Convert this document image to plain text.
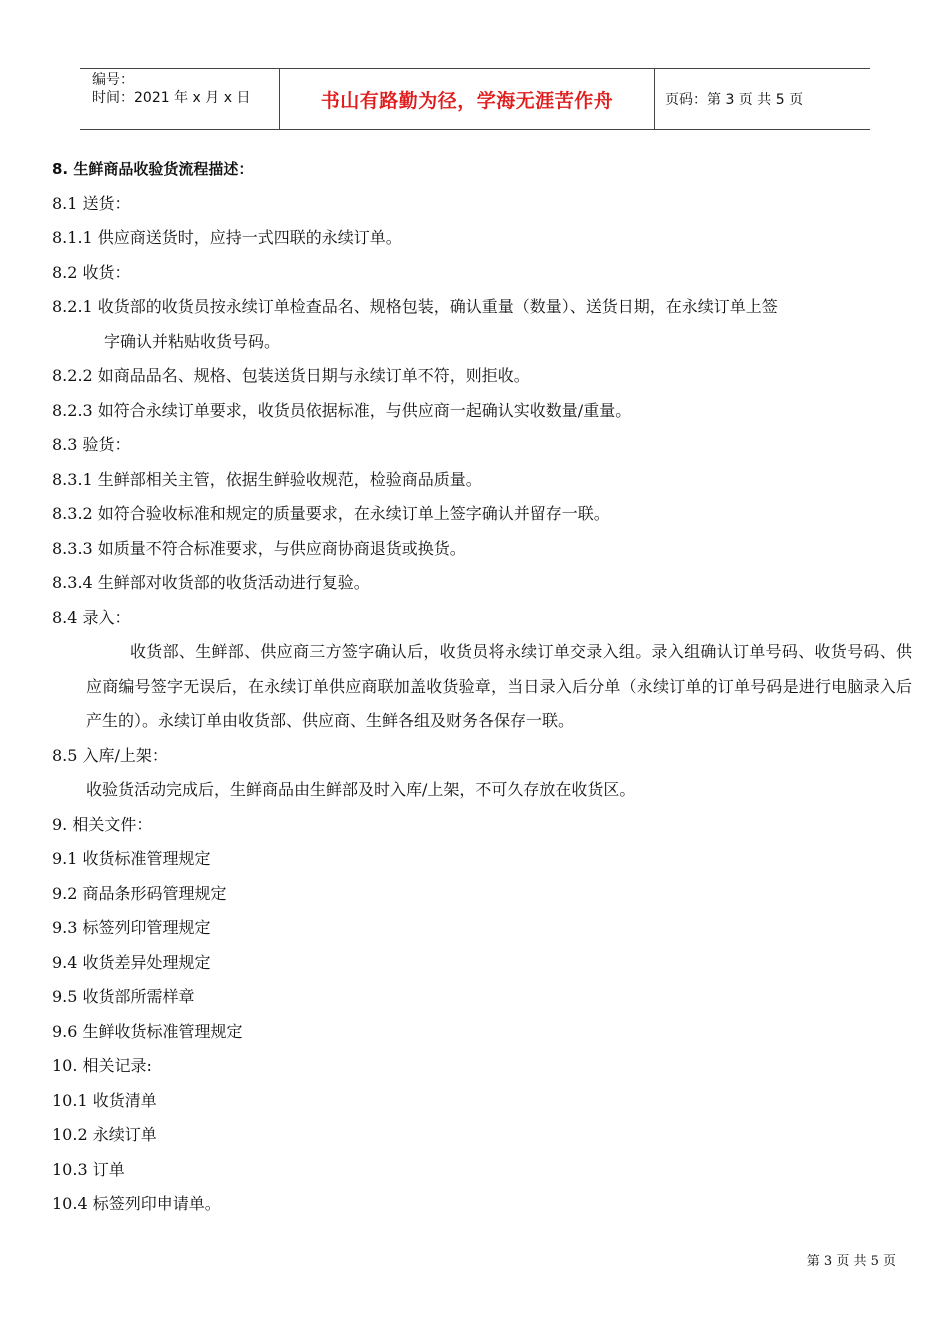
编号：
时间：2021 年 x 月 x 日	书山有路勤为径，学海无涯苦作舟	页码：第 3 页 共 5 页
8. 生鲜商品收验货流程描述：
8.1 送货：
8.1.1 供应商送货时，应持一式四联的永续订单。
8.2 收货：
8.2.1 收货部的收货员按永续订单检查品名、规格包装，确认重量（数量）、送货日期，在永续订单上签
字确认并粘贴收货号码。
8.2.2 如商品品名、规格、包装送货日期与永续订单不符，则拒收。
8.2.3 如符合永续订单要求，收货员依据标准，与供应商一起确认实收数量/重量。
8.3 验货：
8.3.1 生鲜部相关主管，依据生鲜验收规范，检验商品质量。
8.3.2 如符合验收标准和规定的质量要求，在永续订单上签字确认并留存一联。
8.3.3 如质量不符合标准要求，与供应商协商退货或换货。
8.3.4 生鲜部对收货部的收货活动进行复验。
8.4 录入：
收货部、生鲜部、供应商三方签字确认后，收货员将永续订单交录入组。录入组确认订单号码、收货号码、供应商编号签字无误后，在永续订单供应商联加盖收货验章，当日录入后分单（永续订单的订单号码是进行电脑录入后产生的）。永续订单由收货部、供应商、生鲜各组及财务各保存一联。
8.5 入库/上架：
收验货活动完成后，生鲜商品由生鲜部及时入库/上架，不可久存放在收货区。
9. 相关文件：
9.1 收货标准管理规定
9.2 商品条形码管理规定
9.3 标签列印管理规定
9.4 收货差异处理规定
9.5 收货部所需样章
9.6 生鲜收货标准管理规定
10. 相关记录:
10.1 收货清单
10.2 永续订单
10.3 订单
10.4 标签列印申请单。
第 3 页 共 5 页
